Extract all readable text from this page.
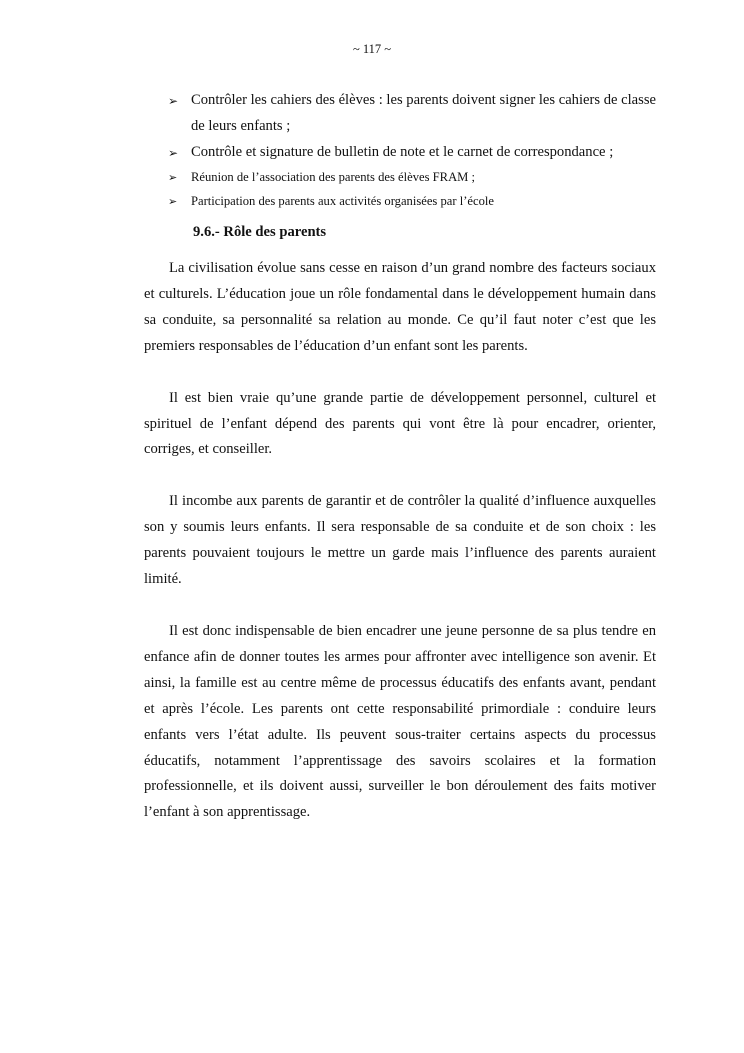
~ 117 ~
➢ Contrôler les cahiers des élèves : les parents doivent signer les cahiers de classe de leurs enfants ;
➢ Contrôle et signature de bulletin de note et le carnet de correspondance ;
➢ Réunion de l’association des parents des élèves FRAM ;
➢ Participation des parents aux activités organisées par l’école
9.6.- Rôle des parents

La civilisation évolue sans cesse en raison d’un grand nombre des facteurs sociaux et culturels. L’éducation joue un rôle fondamental dans le développement humain dans sa conduite, sa personnalité sa relation au monde. Ce qu’il faut noter c’est que les premiers responsables de l’éducation d’un enfant sont les parents.

Il est bien vraie qu’une grande partie de développement personnel, culturel et spirituel de l’enfant dépend des parents qui vont être là pour encadrer, orienter, corriges, et conseiller.

Il incombe aux parents de garantir et de contrôler la qualité d’influence auxquelles son y soumis leurs enfants. Il sera responsable de sa conduite et de son choix : les parents pouvaient toujours le mettre un garde mais l’influence des parents auraient limité.

Il est donc indispensable de bien encadrer une jeune personne de sa plus tendre en enfance afin de donner toutes les armes pour affronter avec intelligence son avenir. Et ainsi, la famille est au centre même de processus éducatifs des enfants avant, pendant et après l’école. Les parents ont cette responsabilité primordiale : conduire leurs enfants vers l’état adulte. Ils peuvent sous-traiter certains aspects du processus éducatifs, notamment l’apprentissage des savoirs scolaires et la formation professionnelle, et ils doivent aussi, surveiller le bon déroulement des faits motiver l’enfant à son apprentissage.
